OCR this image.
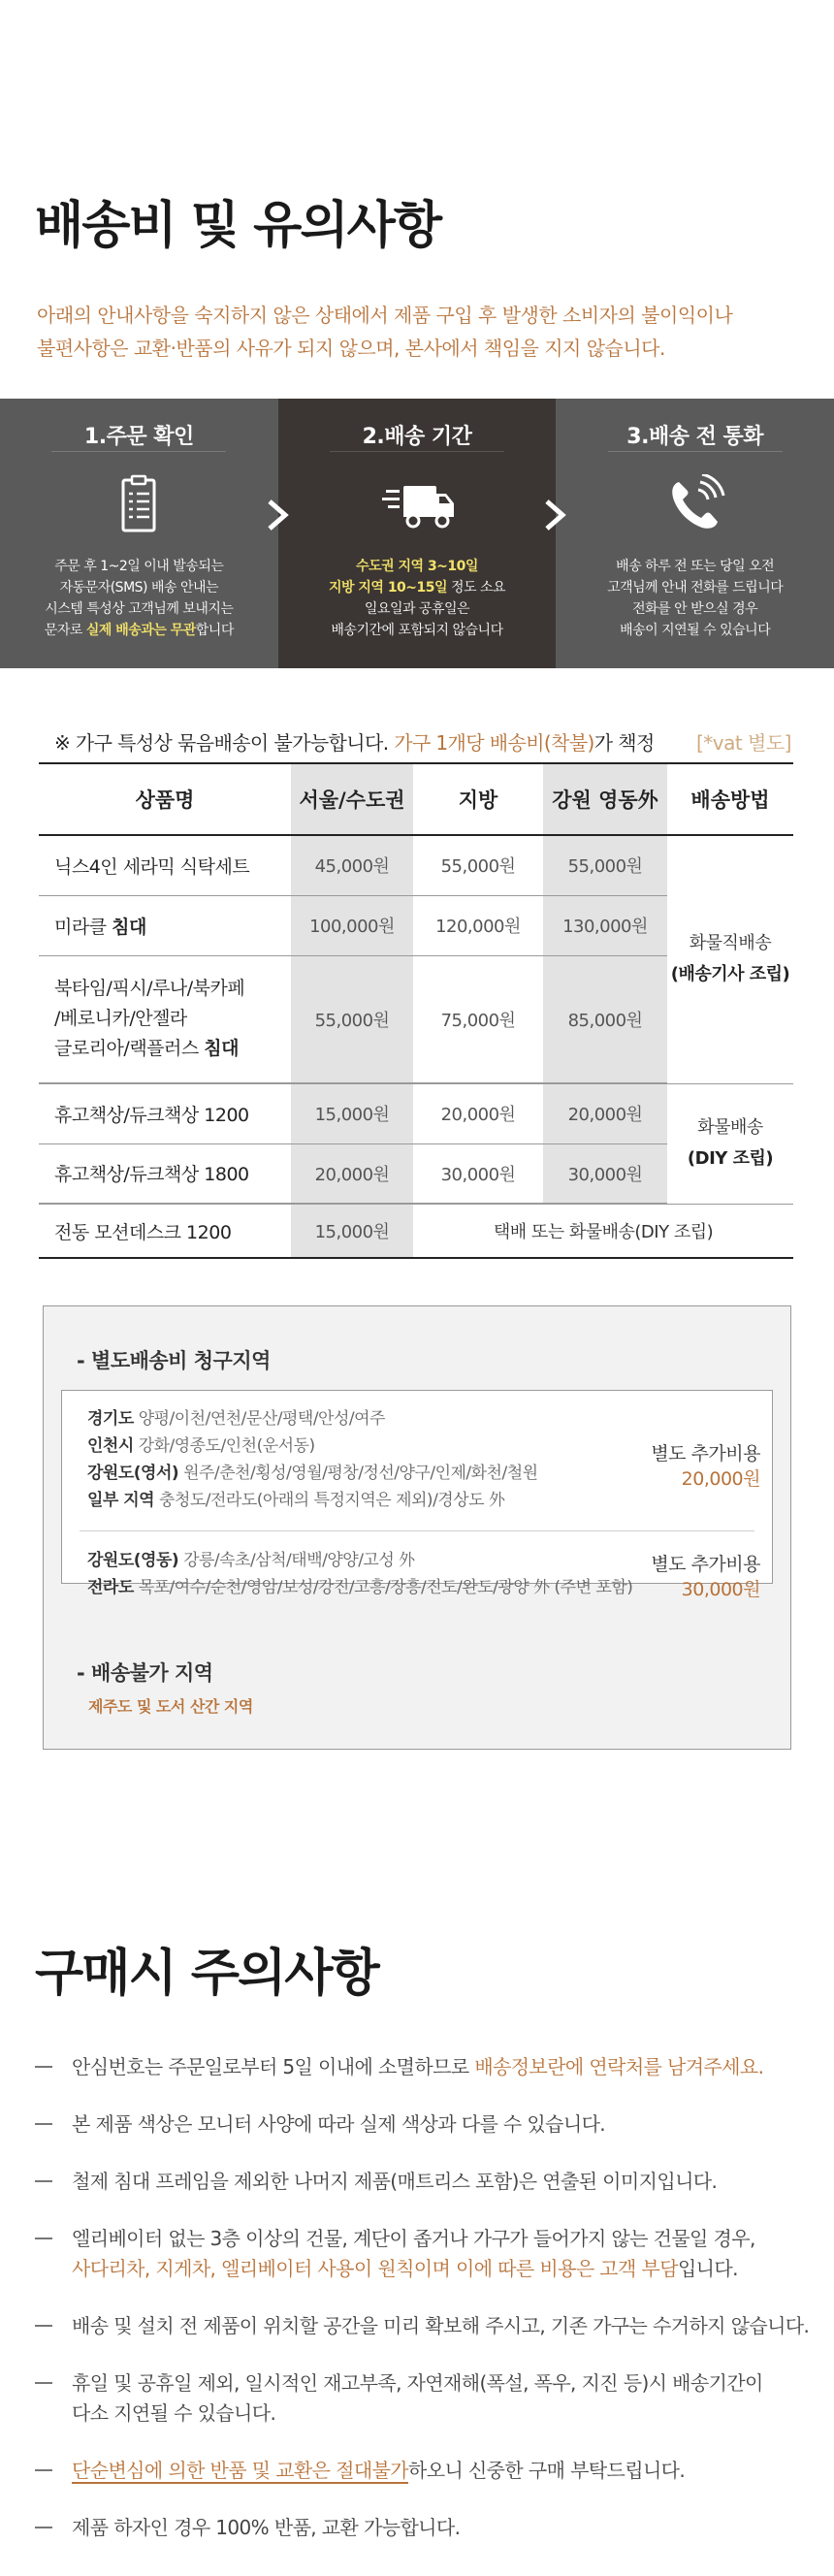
배송비 및 유의사항
아래의 안내사항을 숙지하지 않은 상태에서 제품 구입 후 발생한 소비자의 불이익이나
불편사항은 교환·반품의 사유가 되지 않으며, 본사에서 책임을 지지 않습니다.
1.주문 확인
주문 후 1~2일 이내 발송되는
자동문자(SMS) 배송 안내는
시스템 특성상 고객님께 보내지는
문자로 실제 배송과는 무관합니다
2.배송 기간
수도권 지역 3~10일
지방 지역 10~15일 정도 소요
일요일과 공휴일은
배송기간에 포함되지 않습니다
3.배송 전 통화
배송 하루 전 또는 당일 오전
고객님께 안내 전화를 드립니다
전화를 안 받으실 경우
배송이 지연될 수 있습니다
※ 가구 특성상 묶음배송이 불가능합니다. 가구 1개당 배송비(착불)가 책정 [*vat 별도]
상품명	서울/수도권	지방	강원 영동外	배송방법
닉스4인 세라믹 식탁세트	45,000원	55,000원	55,000원	화물직배송
(배송기사 조립)

미라클 침대	100,000원	120,000원	130,000원	

북타임/픽시/루나/북카페
/베로니카/안젤라
글로리아/랙플러스 침대	55,000원	75,000원	85,000원	
휴고책상/듀크책상 1200	15,000원	20,000원	20,000원	화물배송
(DIY 조립)

휴고책상/듀크책상 1800	20,000원	30,000원	30,000원	
전동 모션데스크 1200	15,000원	택배 또는 화물배송(DIY 조립)		
- 별도배송비 청구지역
경기도 양평/이천/연천/문산/평택/안성/여주
인천시 강화/영종도/인천(운서동)
강원도(영서) 원주/춘천/횡성/영월/평창/정선/양구/인제/화천/철원
일부 지역 충청도/전라도(아래의 특정지역은 제외)/경상도 外
별도 추가비용
20,000원
강원도(영동) 강릉/속초/삼척/태백/양양/고성 外
전라도 목포/여수/순천/영암/보성/강진/고흥/장흥/진도/완도/광양 外 (주변 포함)
별도 추가비용
30,000원
- 배송불가 지역
제주도 및 도서 산간 지역
구매시 주의사항
안심번호는 주문일로부터 5일 이내에 소멸하므로 배송정보란에 연락처를 남겨주세요.
본 제품 색상은 모니터 사양에 따라 실제 색상과 다를 수 있습니다.
철제 침대 프레임을 제외한 나머지 제품(매트리스 포함)은 연출된 이미지입니다.
엘리베이터 없는 3층 이상의 건물, 계단이 좁거나 가구가 들어가지 않는 건물일 경우,
사다리차, 지게차, 엘리베이터 사용이 원칙이며 이에 따른 비용은 고객 부담입니다.
배송 및 설치 전 제품이 위치할 공간을 미리 확보해 주시고, 기존 가구는 수거하지 않습니다.
휴일 및 공휴일 제외, 일시적인 재고부족, 자연재해(폭설, 폭우, 지진 등)시 배송기간이
다소 지연될 수 있습니다.
단순변심에 의한 반품 및 교환은 절대불가하오니 신중한 구매 부탁드립니다.
제품 하자인 경우 100% 반품, 교환 가능합니다.
